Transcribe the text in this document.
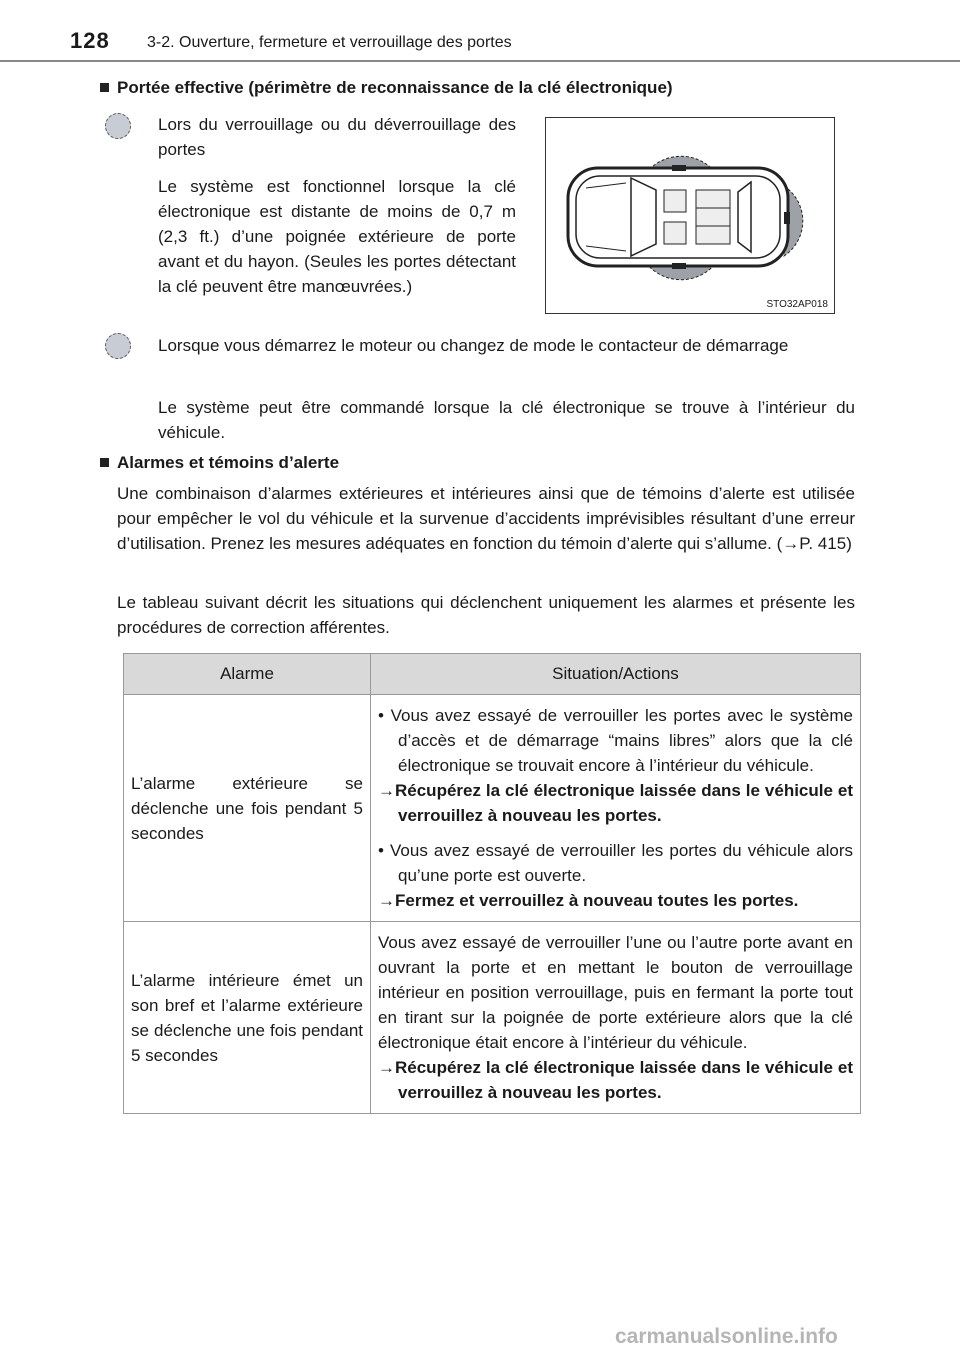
128 3-2. Ouverture, fermeture et verrouillage des portes
Portée effective (périmètre de reconnaissance de la clé électronique)
Lors du verrouillage ou du déverrouillage des portes
Le système est fonctionnel lorsque la clé électronique est distante de moins de 0,7 m (2,3 ft.) d’une poignée extérieure de porte avant et du hayon. (Seules les portes détectant la clé peuvent être manœuvrées.)
STO32AP018
Lorsque vous démarrez le moteur ou changez de mode le contacteur de démarrage
Le système peut être commandé lorsque la clé électronique se trouve à l’intérieur du véhicule.
Alarmes et témoins d’alerte
Une combinaison d’alarmes extérieures et intérieures ainsi que de témoins d’alerte est utilisée pour empêcher le vol du véhicule et la survenue d’accidents imprévisibles résultant d’une erreur d’utilisation. Prenez les mesures adéquates en fonction du témoin d’alerte qui s’allume. (→P. 415)
Le tableau suivant décrit les situations qui déclenchent uniquement les alarmes et présente les procédures de correction afférentes.
Alarme	Situation/Actions
L’alarme extérieure se déclenche une fois pendant 5 secondes	• Vous avez essayé de verrouiller les portes avec le système d’accès et de démarrage “mains libres” alors que la clé électronique se trouvait encore à l’intérieur du véhicule.
→Récupérez la clé électronique laissée dans le véhicule et verrouillez à nouveau les portes.
• Vous avez essayé de verrouiller les portes du véhicule alors qu’une porte est ouverte.
→Fermez et verrouillez à nouveau toutes les portes.

L’alarme intérieure émet un son bref et l’alarme extérieure se déclenche une fois pendant 5 secondes	Vous avez essayé de verrouiller l’une ou l’autre porte avant en ouvrant la porte et en mettant le bouton de verrouillage intérieur en position verrouillage, puis en fermant la porte tout en tirant sur la poignée de porte extérieure alors que la clé électronique était encore à l’intérieur du véhicule.
→Récupérez la clé électronique laissée dans le véhicule et verrouillez à nouveau les portes.
carmanualsonline.info
